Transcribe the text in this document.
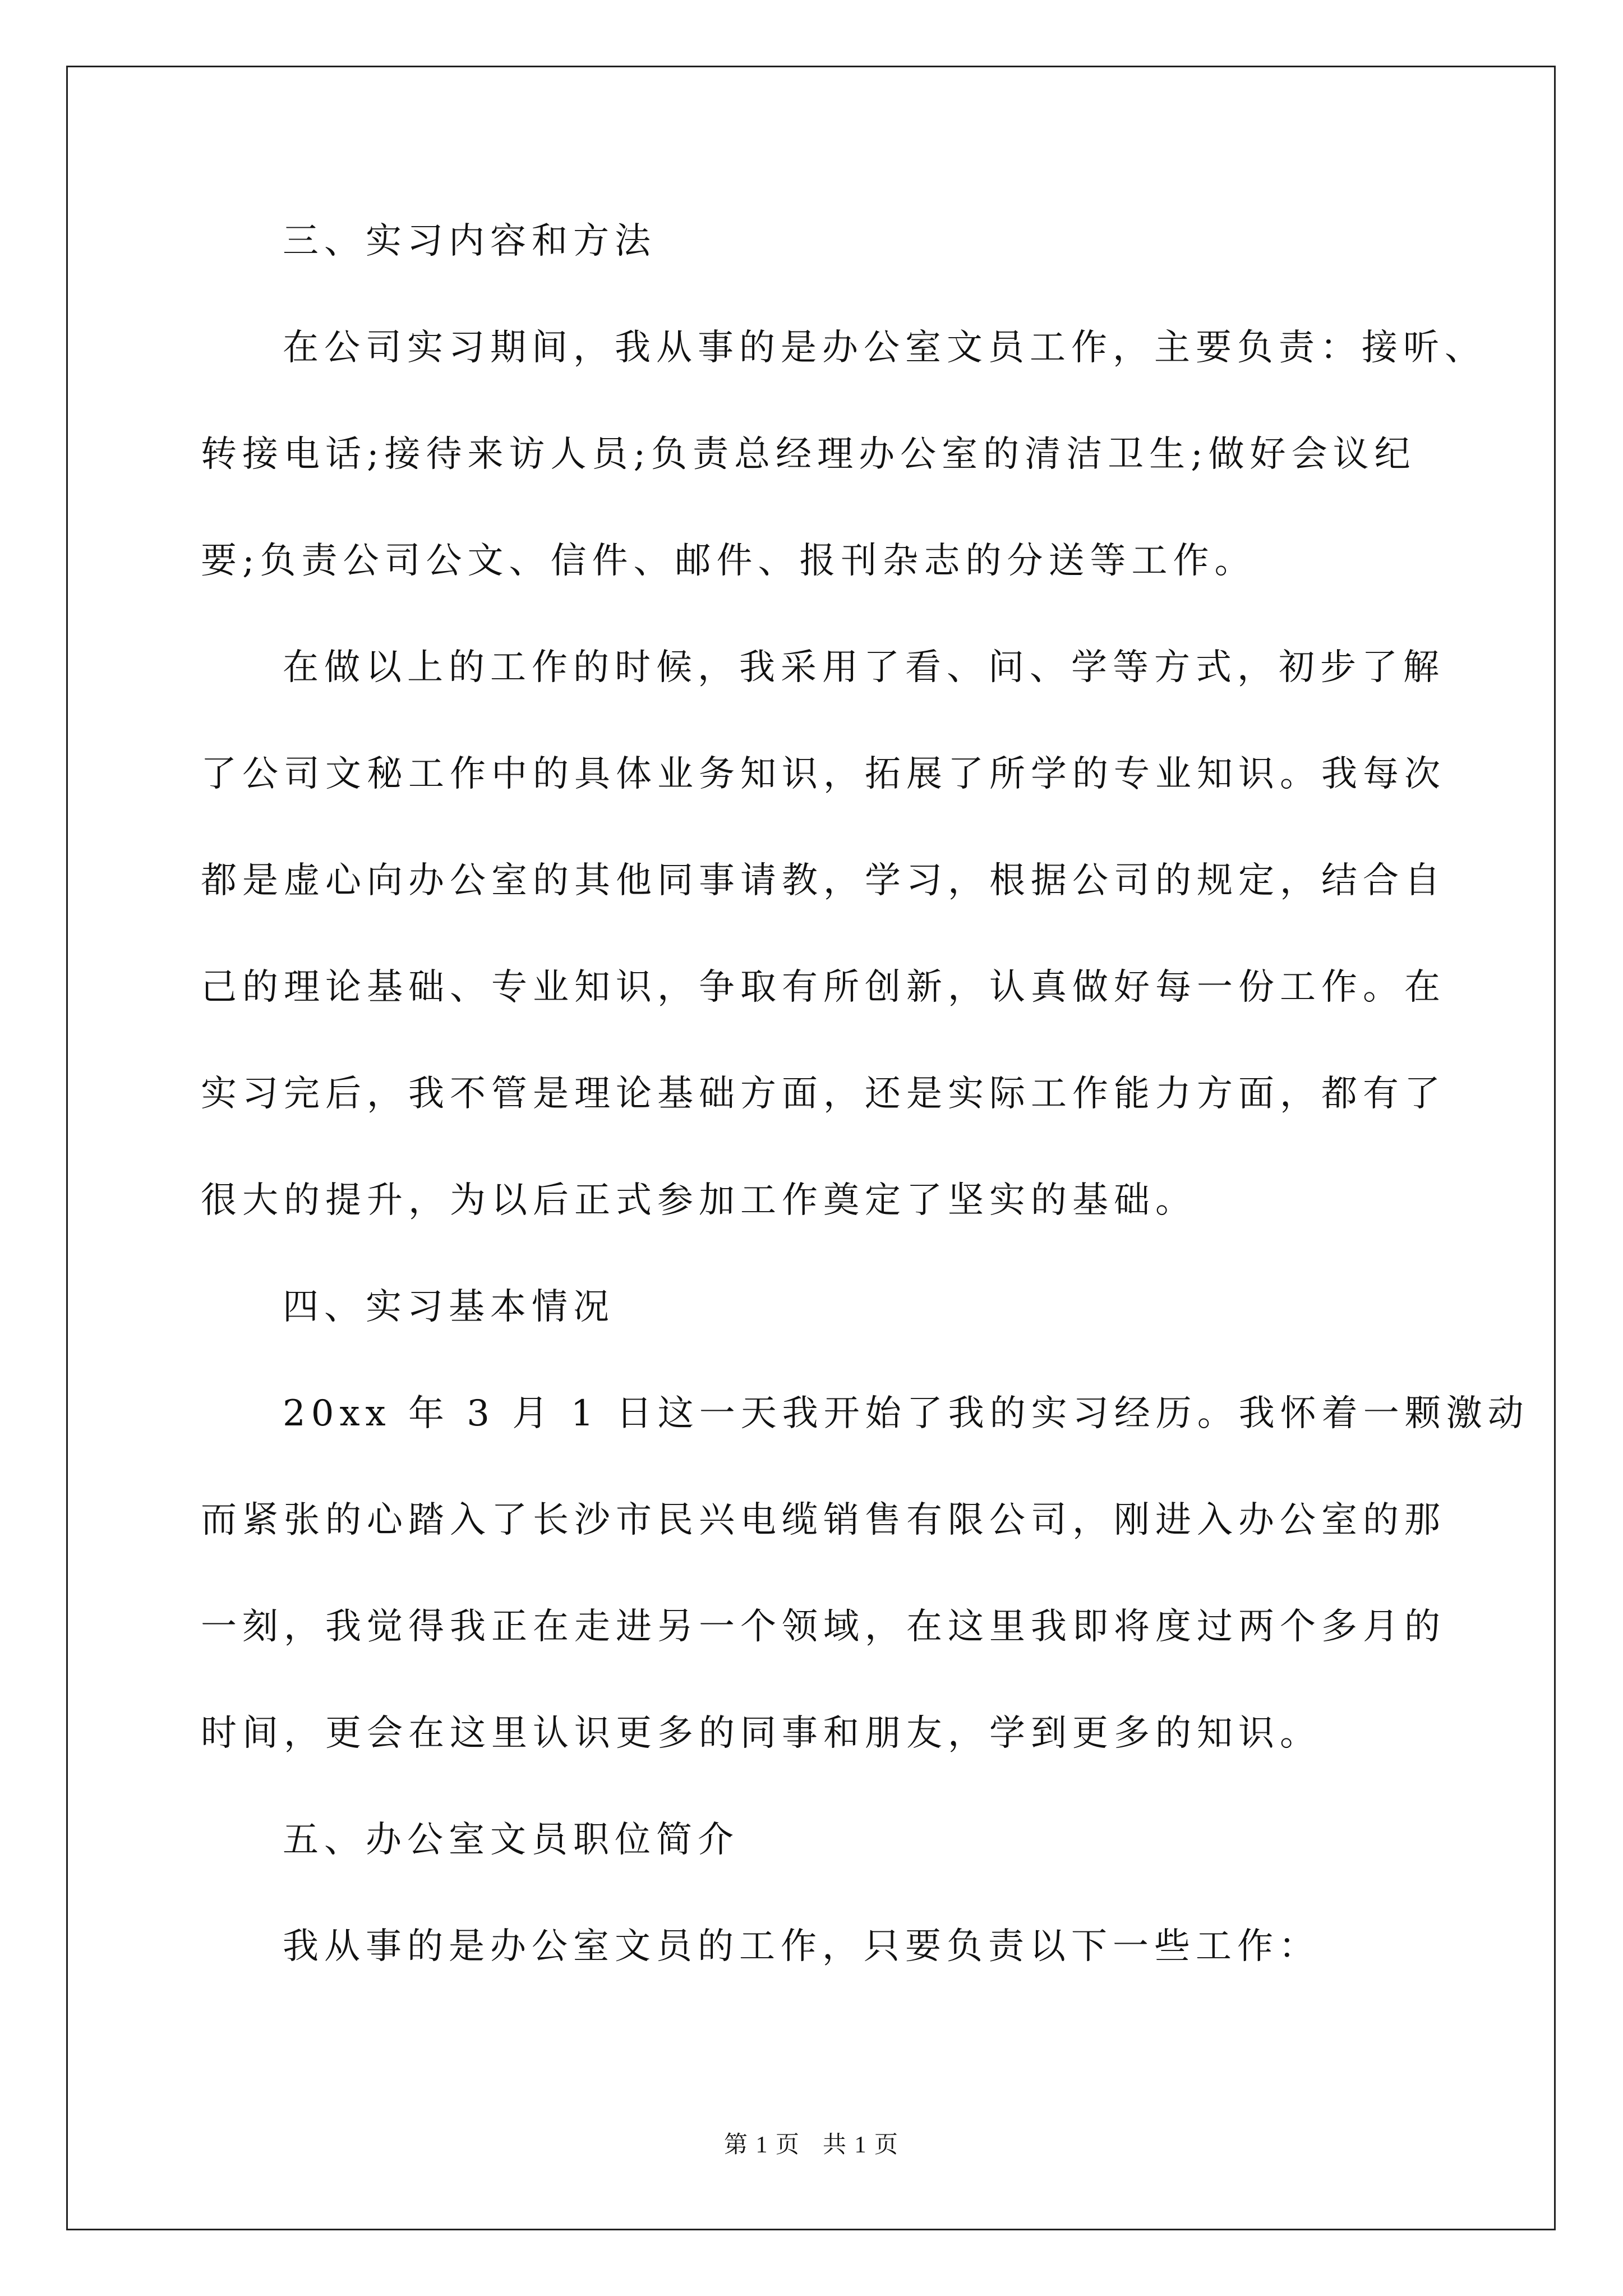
三、实习内容和方法
在公司实习期间，我从事的是办公室文员工作，主要负责：接听、
转接电话;接待来访人员;负责总经理办公室的清洁卫生;做好会议纪
要;负责公司公文、信件、邮件、报刊杂志的分送等工作。
在做以上的工作的时候，我采用了看、问、学等方式，初步了解
了公司文秘工作中的具体业务知识，拓展了所学的专业知识。我每次
都是虚心向办公室的其他同事请教，学习，根据公司的规定，结合自
己的理论基础、专业知识，争取有所创新，认真做好每一份工作。在
实习完后，我不管是理论基础方面，还是实际工作能力方面，都有了
很大的提升，为以后正式参加工作奠定了坚实的基础。
四、实习基本情况
20xx 年 3 月 1 日这一天我开始了我的实习经历。我怀着一颗激动
而紧张的心踏入了长沙市民兴电缆销售有限公司，刚进入办公室的那
一刻，我觉得我正在走进另一个领域，在这里我即将度过两个多月的
时间，更会在这里认识更多的同事和朋友，学到更多的知识。
五、办公室文员职位简介
我从事的是办公室文员的工作，只要负责以下一些工作：
第 1 页 共 1 页
